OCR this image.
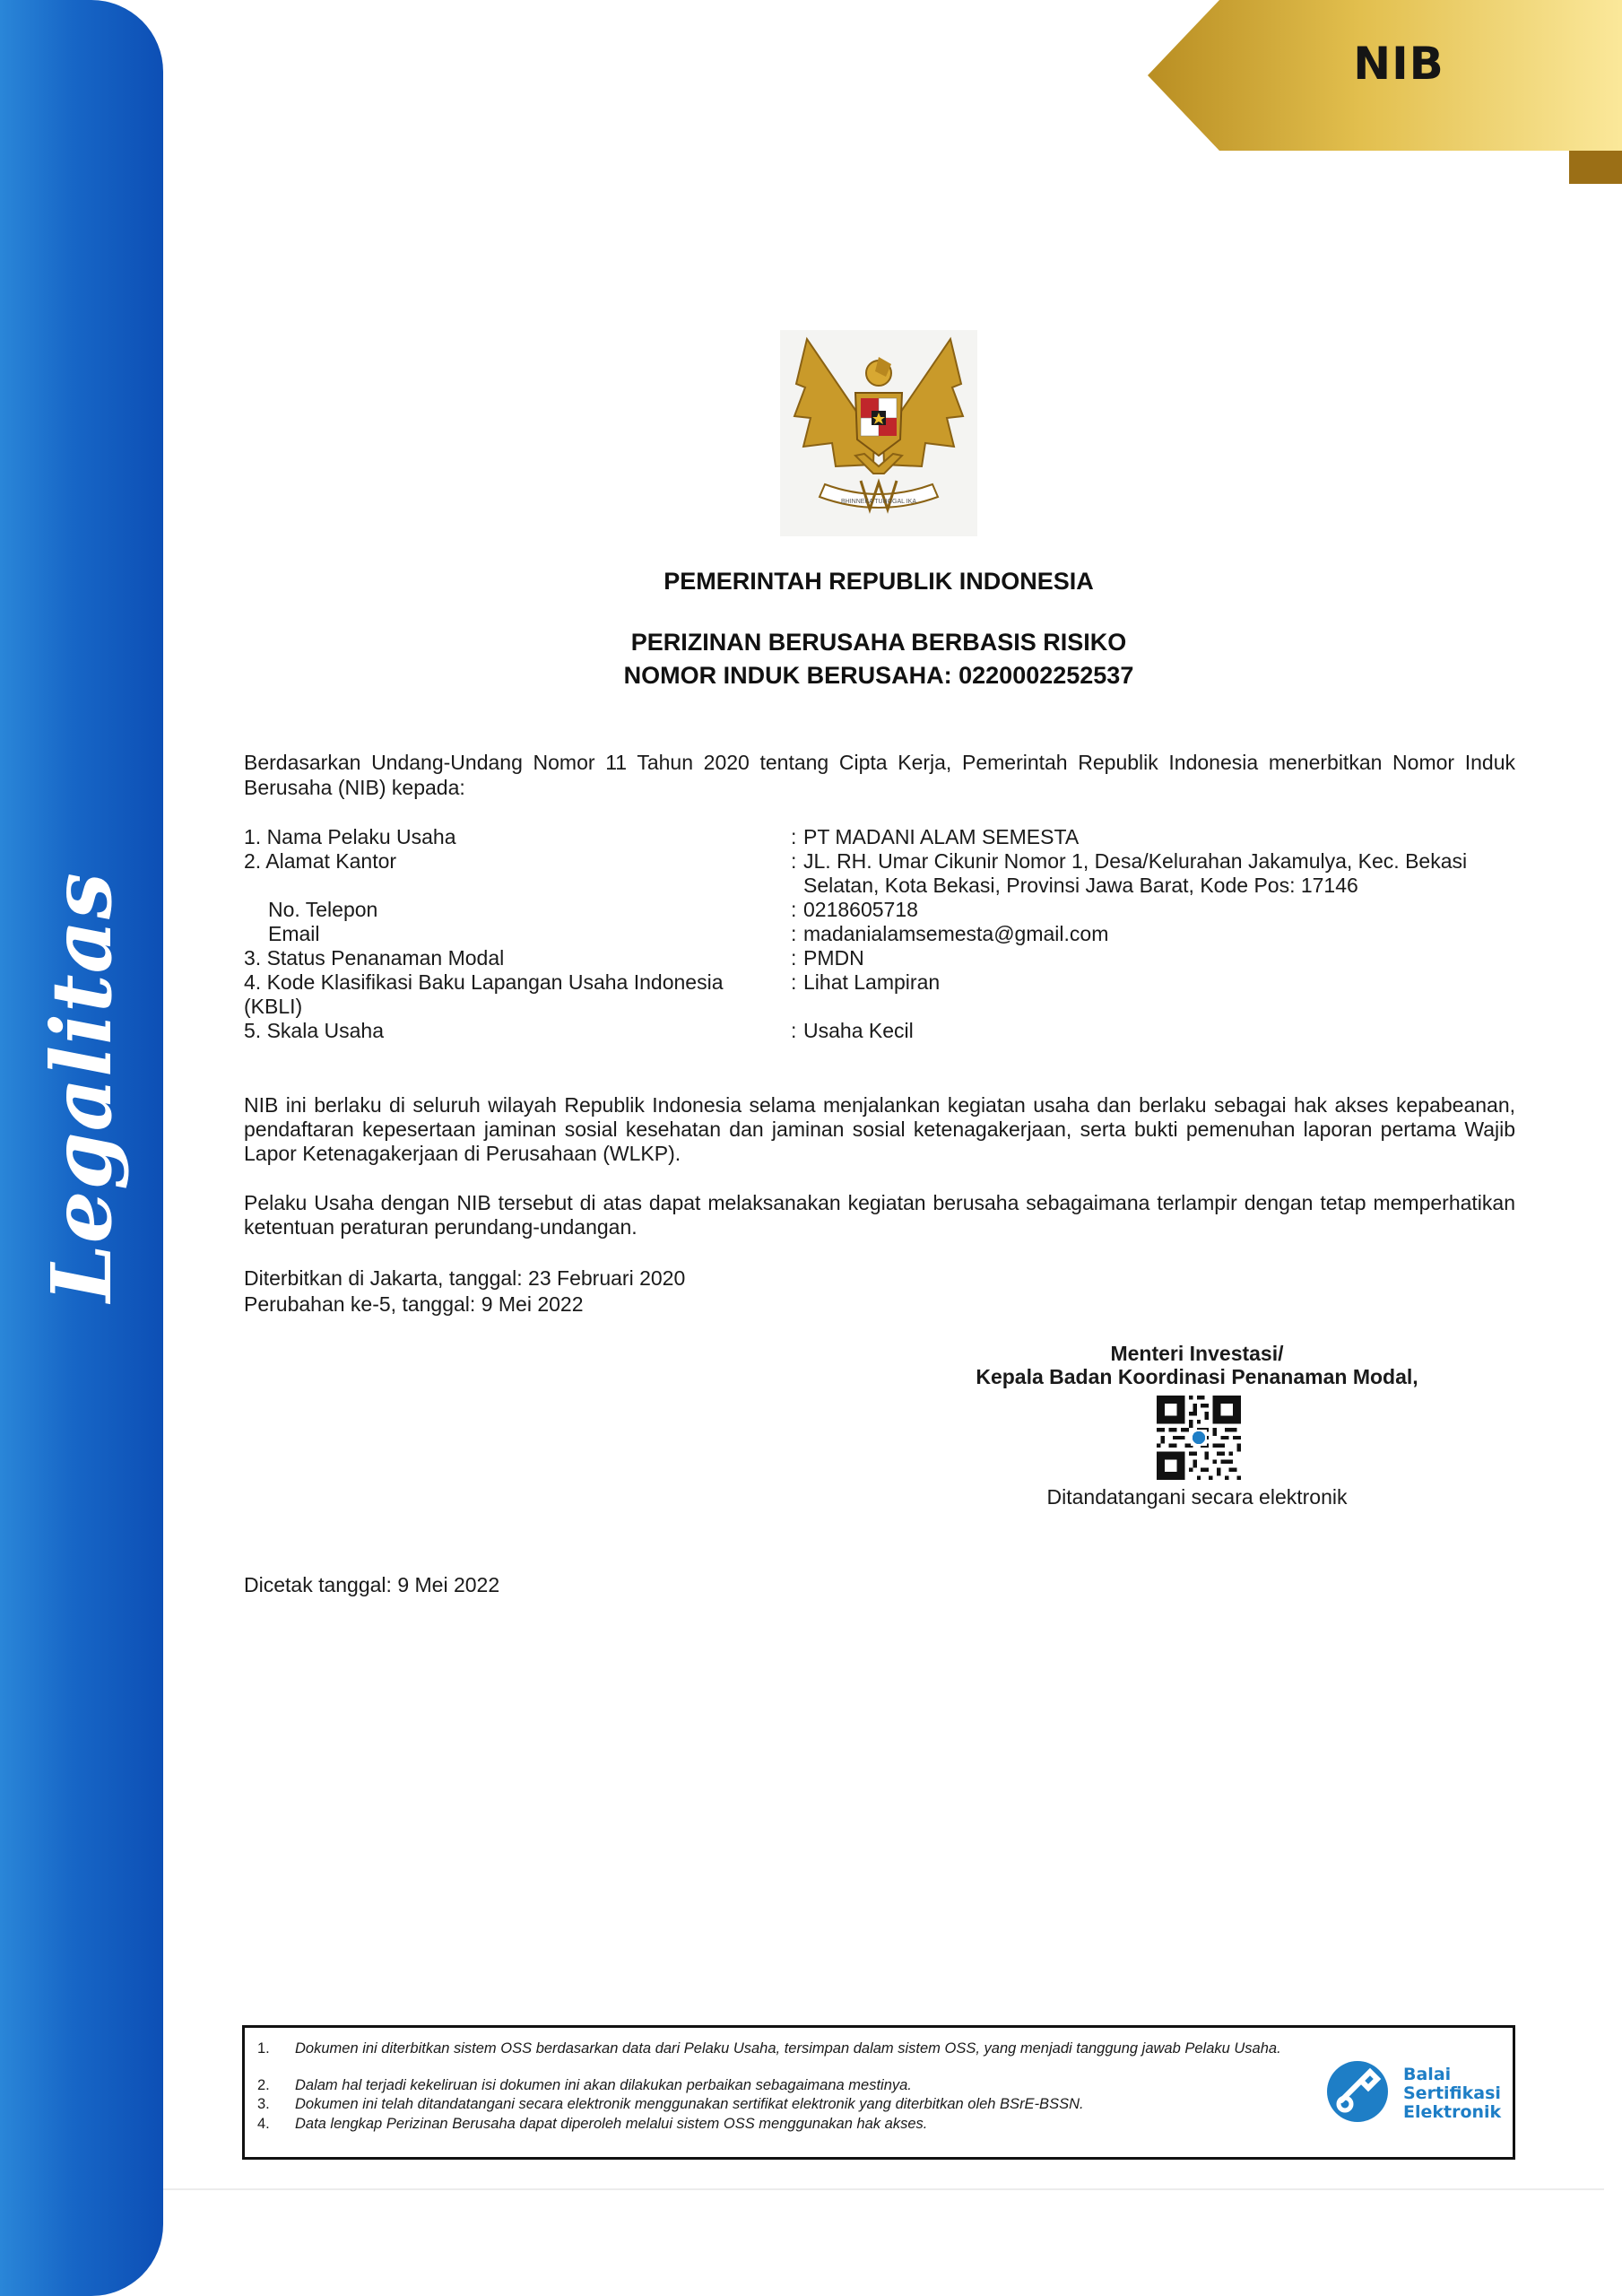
Legalitas
NIB
BHINNEKA TUNGGAL IKA
PEMERINTAH REPUBLIK INDONESIA
PERIZINAN BERUSAHA BERBASIS RISIKO
NOMOR INDUK BERUSAHA: 0220002252537
Berdasarkan Undang-Undang Nomor 11 Tahun 2020 tentang Cipta Kerja, Pemerintah Republik Indonesia menerbitkan Nomor Induk Berusaha (NIB) kepada:
1. Nama Pelaku Usaha	: PT MADANI ALAM SEMESTA
2. Alamat Kantor	: JL. RH. Umar Cikunir Nomor 1, Desa/Kelurahan Jakamulya, Kec. Bekasi Selatan, Kota Bekasi, Provinsi Jawa Barat, Kode Pos: 17146
No. Telepon	: 0218605718
Email	: madanialamsemesta@gmail.com
3. Status Penanaman Modal	: PMDN
4. Kode Klasifikasi Baku Lapangan Usaha Indonesia (KBLI)
: Lihat Lampiran
5. Skala Usaha	: Usaha Kecil
NIB ini berlaku di seluruh wilayah Republik Indonesia selama menjalankan kegiatan usaha dan berlaku sebagai hak akses kepabeanan, pendaftaran kepesertaan jaminan sosial kesehatan dan jaminan sosial ketenagakerjaan, serta bukti pemenuhan laporan pertama Wajib Lapor Ketenagakerjaan di Perusahaan (WLKP).
Pelaku Usaha dengan NIB tersebut di atas dapat melaksanakan kegiatan berusaha sebagaimana terlampir dengan tetap memperhatikan ketentuan peraturan perundang-undangan.
Diterbitkan di Jakarta, tanggal: 23 Februari 2020
Perubahan ke-5, tanggal: 9 Mei 2022
Menteri Investasi/
Kepala Badan Koordinasi Penanaman Modal,
Ditandatangani secara elektronik
Dicetak tanggal: 9 Mei 2022
1. Dokumen ini diterbitkan sistem OSS berdasarkan data dari Pelaku Usaha, tersimpan dalam sistem OSS, yang menjadi tanggung jawab Pelaku Usaha.
2. Dalam hal terjadi kekeliruan isi dokumen ini akan dilakukan perbaikan sebagaimana mestinya.
3. Dokumen ini telah ditandatangani secara elektronik menggunakan sertifikat elektronik yang diterbitkan oleh BSrE-BSSN.
4. Data lengkap Perizinan Berusaha dapat diperoleh melalui sistem OSS menggunakan hak akses.
Balai
Sertifikasi
Elektronik
